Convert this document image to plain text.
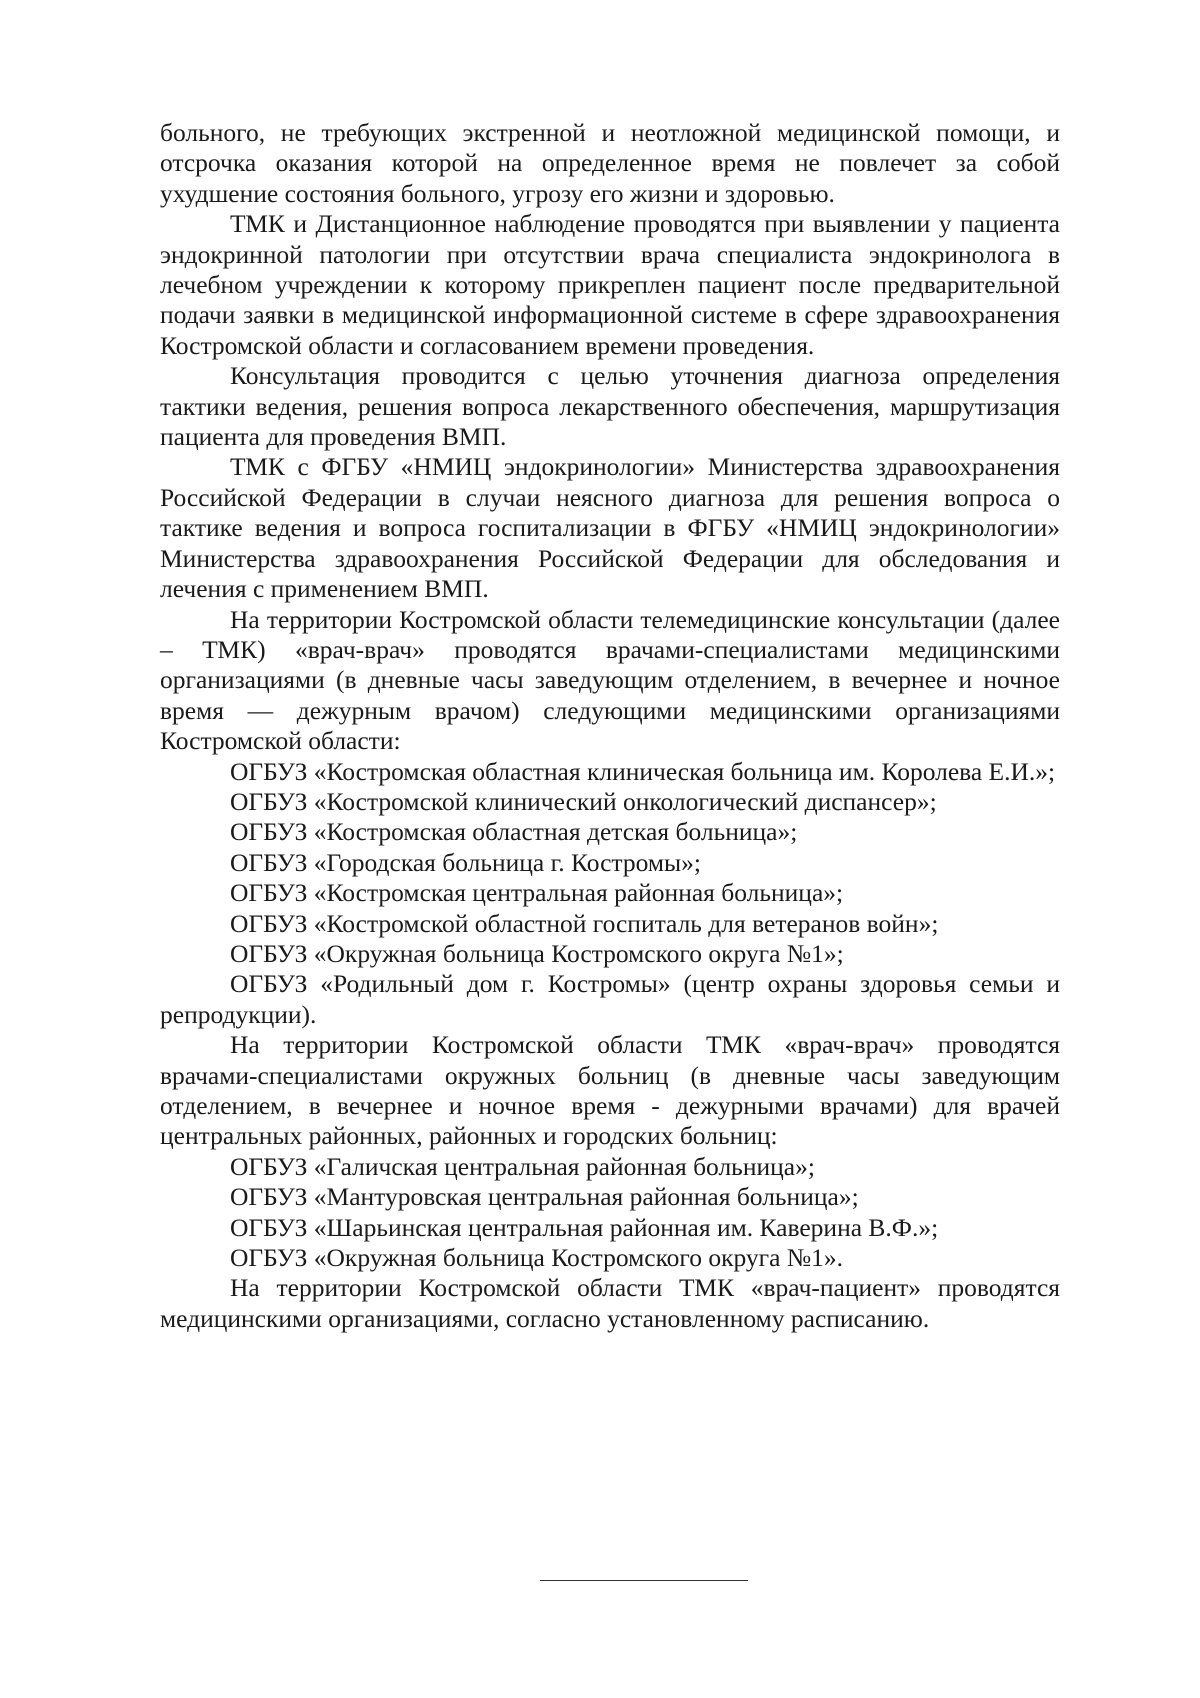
больного, не требующих экстренной и неотложной медицинской помощи, и отсрочка оказания которой на определенное время не повлечет за собой ухудшение состояния больного, угрозу его жизни и здоровью.

ТМК и Дистанционное наблюдение проводятся при выявлении у пациента эндокринной патологии при отсутствии врача специалиста эндокринолога в лечебном учреждении к которому прикреплен пациент после предварительной подачи заявки в медицинской информационной системе в сфере здравоохранения Костромской области и согласованием времени проведения.

Консультация проводится с целью уточнения диагноза определения тактики ведения, решения вопроса лекарственного обеспечения, маршрутизация пациента для проведения ВМП.

ТМК с ФГБУ «НМИЦ эндокринологии» Министерства здравоохранения Российской Федерации в случаи неясного диагноза для решения вопроса о тактике ведения и вопроса госпитализации в ФГБУ «НМИЦ эндокринологии» Министерства здравоохранения Российской Федерации для обследования и лечения с применением ВМП.

На территории Костромской области телемедицинские консультации (далее – ТМК) «врач-врач» проводятся врачами-специалистами медицинскими организациями (в дневные часы заведующим отделением, в вечернее и ночное время — дежурным врачом) следующими медицинскими организациями Костромской области:

ОГБУЗ «Костромская областная клиническая больница им. Королева Е.И.»;

ОГБУЗ «Костромской клинический онкологический диспансер»;

ОГБУЗ «Костромская областная детская больница»;

ОГБУЗ «Городская больница г. Костромы»;

ОГБУЗ «Костромская центральная районная больница»;

ОГБУЗ «Костромской областной госпиталь для ветеранов войн»;

ОГБУЗ «Окружная больница Костромского округа №1»;

ОГБУЗ «Родильный дом г. Костромы» (центр охраны здоровья семьи и репродукции).

На территории Костромской области ТМК «врач-врач» проводятся врачами-специалистами окружных больниц (в дневные часы заведующим отделением, в вечернее и ночное время - дежурными врачами) для врачей центральных районных, районных и городских больниц:

ОГБУЗ «Галичская центральная районная больница»;

ОГБУЗ «Мантуровская центральная районная больница»;

ОГБУЗ «Шарьинская центральная районная им. Каверина В.Ф.»;

ОГБУЗ «Окружная больница Костромского округа №1».

На территории Костромской области ТМК «врач-пациент» проводятся медицинскими организациями, согласно установленному расписанию.
